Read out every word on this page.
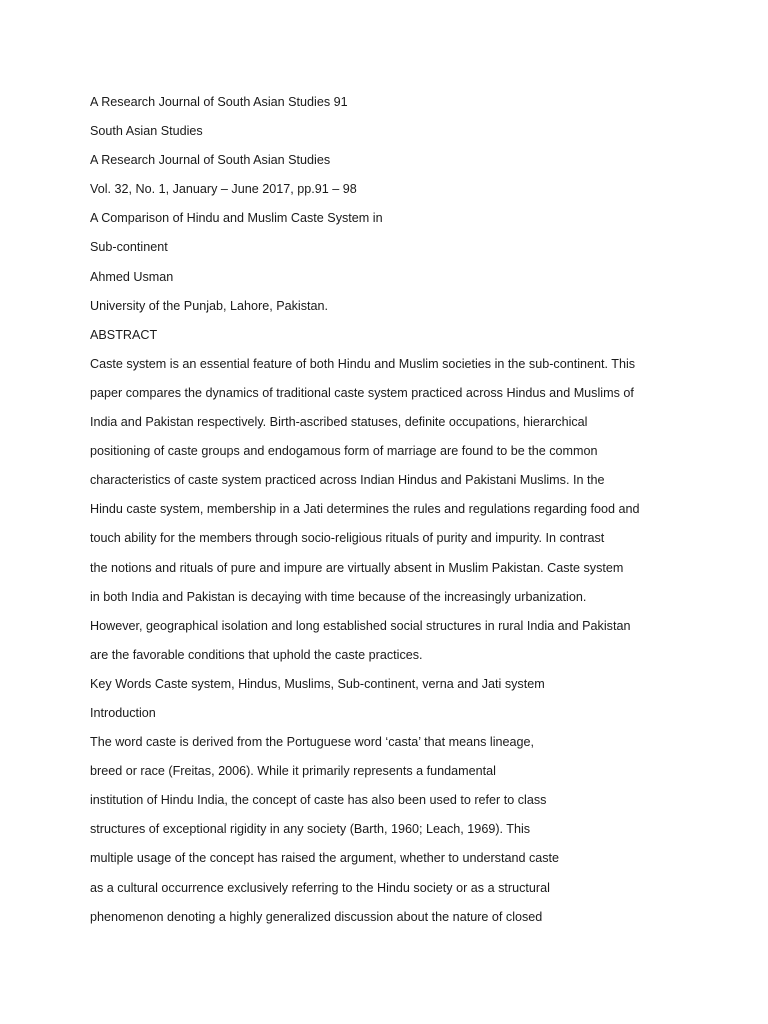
A Research Journal of South Asian Studies 91
South Asian Studies
A Research Journal of South Asian Studies
Vol. 32, No. 1, January – June 2017, pp.91 – 98
A Comparison of Hindu and Muslim Caste System in
Sub-continent
Ahmed Usman
University of the Punjab, Lahore, Pakistan.
ABSTRACT
Caste system is an essential feature of both Hindu and Muslim societies in the sub-continent. This
paper compares the dynamics of traditional caste system practiced across Hindus and Muslims of
India and Pakistan respectively. Birth-ascribed statuses, definite occupations, hierarchical
positioning of caste groups and endogamous form of marriage are found to be the common
characteristics of caste system practiced across Indian Hindus and Pakistani Muslims. In the
Hindu caste system, membership in a Jati determines the rules and regulations regarding food and
touch ability for the members through socio-religious rituals of purity and impurity. In contrast
the notions and rituals of pure and impure are virtually absent in Muslim Pakistan. Caste system
in both India and Pakistan is decaying with time because of the increasingly urbanization.
However, geographical isolation and long established social structures in rural India and Pakistan
are the favorable conditions that uphold the caste practices.
Key Words Caste system, Hindus, Muslims, Sub-continent, verna and Jati system
Introduction
The word caste is derived from the Portuguese word ‘casta’ that means lineage,
breed or race (Freitas, 2006). While it primarily represents a fundamental
institution of Hindu India, the concept of caste has also been used to refer to class
structures of exceptional rigidity in any society (Barth, 1960; Leach, 1969). This
multiple usage of the concept has raised the argument, whether to understand caste
as a cultural occurrence exclusively referring to the Hindu society or as a structural
phenomenon denoting a highly generalized discussion about the nature of closed
